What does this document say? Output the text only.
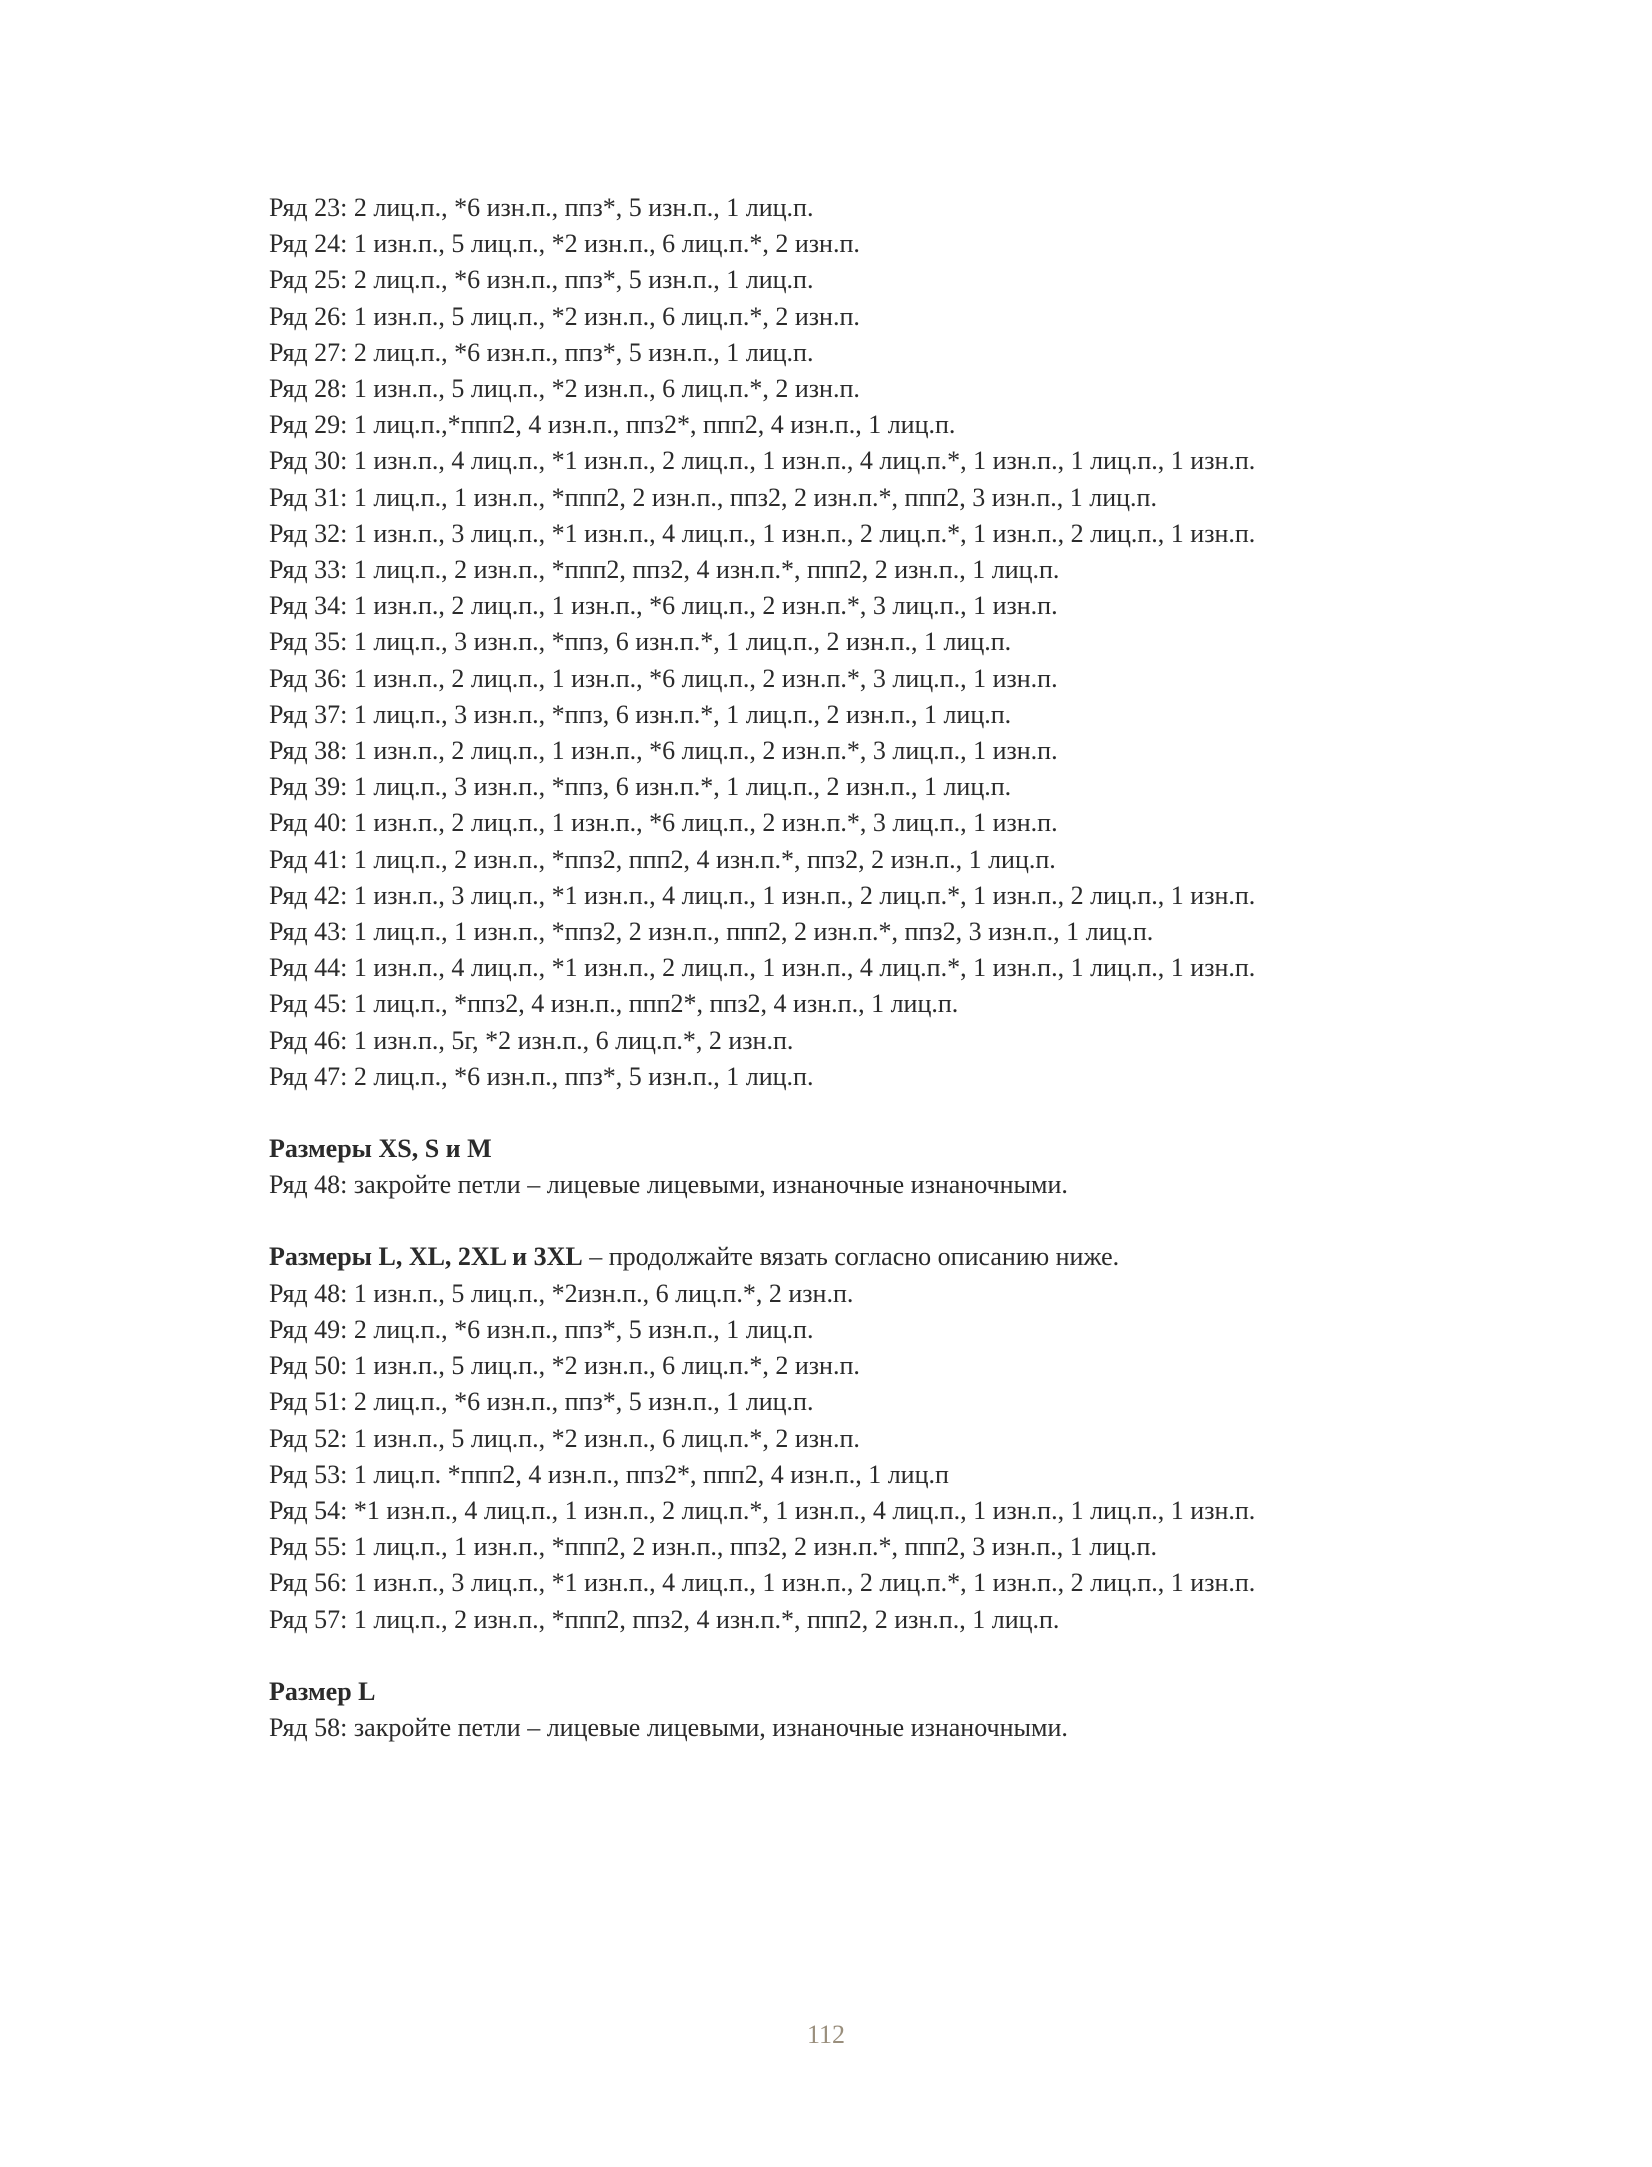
Ряд 23: 2 лиц.п., *6 изн.п., ппз*, 5 изн.п., 1 лиц.п.
Ряд 24: 1 изн.п., 5 лиц.п., *2 изн.п., 6 лиц.п.*, 2 изн.п.
Ряд 25: 2 лиц.п., *6 изн.п., ппз*, 5 изн.п., 1 лиц.п.
Ряд 26: 1 изн.п., 5 лиц.п., *2 изн.п., 6 лиц.п.*, 2 изн.п.
Ряд 27: 2 лиц.п., *6 изн.п., ппз*, 5 изн.п., 1 лиц.п.
Ряд 28: 1 изн.п., 5 лиц.п., *2 изн.п., 6 лиц.п.*, 2 изн.п.
Ряд 29: 1 лиц.п.,*ппп2, 4 изн.п., ппз2*, ппп2, 4 изн.п., 1 лиц.п.
Ряд 30: 1 изн.п., 4 лиц.п., *1 изн.п., 2 лиц.п., 1 изн.п., 4 лиц.п.*, 1 изн.п., 1 лиц.п., 1 изн.п.
Ряд 31: 1 лиц.п., 1 изн.п., *ппп2, 2 изн.п., ппз2, 2 изн.п.*, ппп2, 3 изн.п., 1 лиц.п.
Ряд 32: 1 изн.п., 3 лиц.п., *1 изн.п., 4 лиц.п., 1 изн.п., 2 лиц.п.*, 1 изн.п., 2 лиц.п., 1 изн.п.
Ряд 33: 1 лиц.п., 2 изн.п., *ппп2, ппз2, 4 изн.п.*, ппп2, 2 изн.п., 1 лиц.п.
Ряд 34: 1 изн.п., 2 лиц.п., 1 изн.п., *6 лиц.п., 2 изн.п.*, 3 лиц.п., 1 изн.п.
Ряд 35: 1 лиц.п., 3 изн.п., *ппз, 6 изн.п.*, 1 лиц.п., 2 изн.п., 1 лиц.п.
Ряд 36: 1 изн.п., 2 лиц.п., 1 изн.п., *6 лиц.п., 2 изн.п.*, 3 лиц.п., 1 изн.п.
Ряд 37: 1 лиц.п., 3 изн.п., *ппз, 6 изн.п.*, 1 лиц.п., 2 изн.п., 1 лиц.п.
Ряд 38: 1 изн.п., 2 лиц.п., 1 изн.п., *6 лиц.п., 2 изн.п.*, 3 лиц.п., 1 изн.п.
Ряд 39: 1 лиц.п., 3 изн.п., *ппз, 6 изн.п.*, 1 лиц.п., 2 изн.п., 1 лиц.п.
Ряд 40: 1 изн.п., 2 лиц.п., 1 изн.п., *6 лиц.п., 2 изн.п.*, 3 лиц.п., 1 изн.п.
Ряд 41: 1 лиц.п., 2 изн.п., *ппз2, ппп2, 4 изн.п.*, ппз2, 2 изн.п., 1 лиц.п.
Ряд 42: 1 изн.п., 3 лиц.п., *1 изн.п., 4 лиц.п., 1 изн.п., 2 лиц.п.*, 1 изн.п., 2 лиц.п., 1 изн.п.
Ряд 43: 1 лиц.п., 1 изн.п., *ппз2, 2 изн.п., ппп2, 2 изн.п.*, ппз2, 3 изн.п., 1 лиц.п.
Ряд 44: 1 изн.п., 4 лиц.п., *1 изн.п., 2 лиц.п., 1 изн.п., 4 лиц.п.*, 1 изн.п., 1 лиц.п., 1 изн.п.
Ряд 45: 1 лиц.п., *ппз2, 4 изн.п., ппп2*, ппз2, 4 изн.п., 1 лиц.п.
Ряд 46: 1 изн.п., 5г, *2 изн.п., 6 лиц.п.*, 2 изн.п.
Ряд 47: 2 лиц.п., *6 изн.п., ппз*, 5 изн.п., 1 лиц.п.
Размеры XS, S и M
Ряд 48: закройте петли – лицевые лицевыми, изнаночные изнаночными.
Размеры L, XL, 2XL и 3XL – продолжайте вязать согласно описанию ниже.
Ряд 48: 1 изн.п., 5 лиц.п., *2изн.п., 6 лиц.п.*, 2 изн.п.
Ряд 49: 2 лиц.п., *6 изн.п., ппз*, 5 изн.п., 1 лиц.п.
Ряд 50: 1 изн.п., 5 лиц.п., *2 изн.п., 6 лиц.п.*, 2 изн.п.
Ряд 51: 2 лиц.п., *6 изн.п., ппз*, 5 изн.п., 1 лиц.п.
Ряд 52: 1 изн.п., 5 лиц.п., *2 изн.п., 6 лиц.п.*, 2 изн.п.
Ряд 53: 1 лиц.п. *ппп2, 4 изн.п., ппз2*, ппп2, 4 изн.п., 1 лиц.п
Ряд 54: *1 изн.п., 4 лиц.п., 1 изн.п., 2 лиц.п.*, 1 изн.п., 4 лиц.п., 1 изн.п., 1 лиц.п., 1 изн.п.
Ряд 55: 1 лиц.п., 1 изн.п., *ппп2, 2 изн.п., ппз2, 2 изн.п.*, ппп2, 3 изн.п., 1 лиц.п.
Ряд 56: 1 изн.п., 3 лиц.п., *1 изн.п., 4 лиц.п., 1 изн.п., 2 лиц.п.*, 1 изн.п., 2 лиц.п., 1 изн.п.
Ряд 57: 1 лиц.п., 2 изн.п., *ппп2, ппз2, 4 изн.п.*, ппп2, 2 изн.п., 1 лиц.п.
Размер L
Ряд 58: закройте петли – лицевые лицевыми, изнаночные изнаночными.
112
